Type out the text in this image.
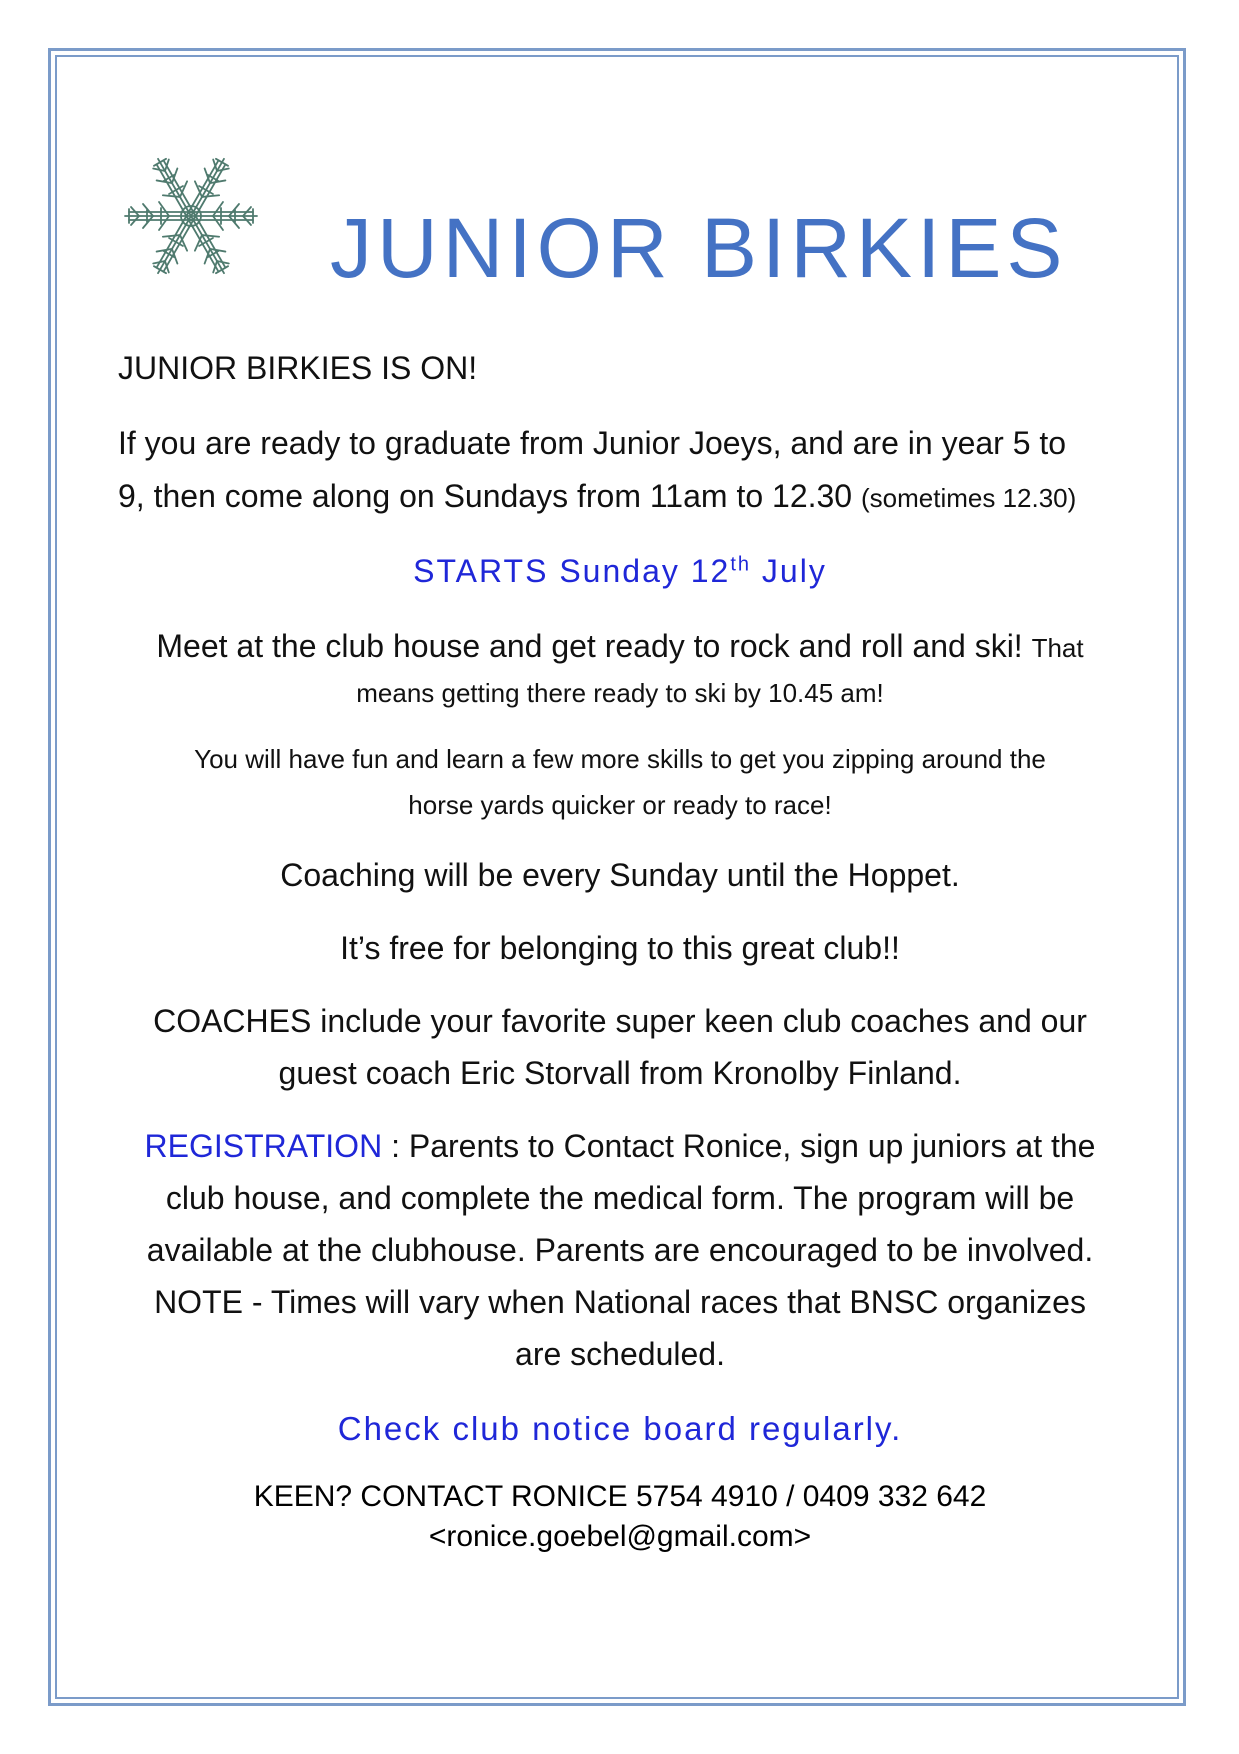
JUNIOR BIRKIES
JUNIOR BIRKIES IS ON!
If you are ready to graduate from Junior Joeys, and are in year 5 to
9, then come along on Sundays from 11am to 12.30 (sometimes 12.30)
STARTS Sunday 12th July
Meet at the club house and get ready to rock and roll and ski! That
means getting there ready to ski by 10.45 am!
You will have fun and learn a few more skills to get you zipping around the
horse yards quicker or ready to race!
Coaching will be every Sunday until the Hoppet.
It’s free for belonging to this great club!!
COACHES include your favorite super keen club coaches and our
guest coach Eric Storvall from Kronolby Finland.
REGISTRATION : Parents to Contact Ronice, sign up juniors at the
club house, and complete the medical form. The program will be
available at the clubhouse. Parents are encouraged to be involved.
NOTE - Times will vary when National races that BNSC organizes
are scheduled.
Check club notice board regularly.
KEEN? CONTACT RONICE 5754 4910 / 0409 332 642
<ronice.goebel@gmail.com>
